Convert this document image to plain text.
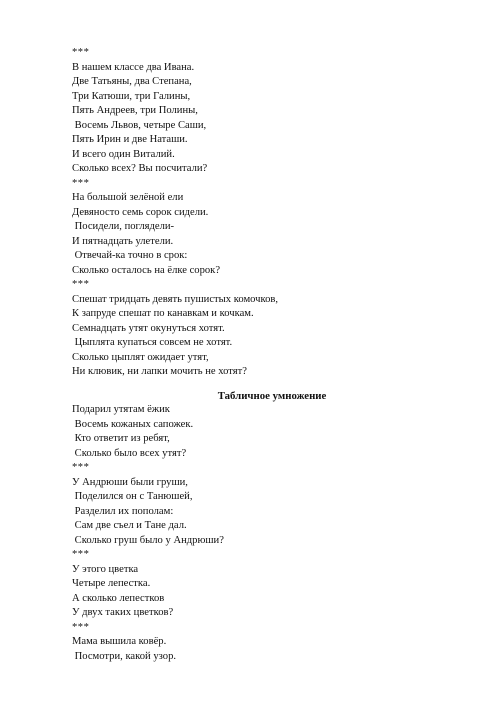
***
В нашем классе два Ивана.
Две Татьяны, два Степана,
Три Катюши, три Галины,
Пять Андреев, три Полины,
Восемь Львов, четыре Саши,
Пять Ирин и две Наташи.
И всего один Виталий.
Сколько всех? Вы посчитали?
***
На большой зелёной ели
Девяносто семь сорок сидели.
Посидели, поглядели-
И пятнадцать улетели.
Отвечай-ка точно в срок:
Сколько осталось на ёлке сорок?
***
Спешат тридцать девять пушистых комочков,
К запруде спешат по канавкам и кочкам.
Семнадцать утят окунуться хотят.
Цыплята купаться совсем не хотят.
Сколько цыплят ожидает утят,
Ни клювик, ни лапки мочить не хотят?
Табличное умножение
Подарил утятам ёжик
Восемь кожаных сапожек.
Кто ответит из ребят,
Сколько было всех утят?
***
У Андрюши были груши,
Поделился он с Танюшей,
Разделил их пополам:
Сам две съел и Тане дал.
Сколько груш было у Андрюши?
***
У этого цветка
Четыре лепестка.
А сколько лепестков
У двух таких цветков?
***
Мама вышила ковёр.
Посмотри, какой узор.
